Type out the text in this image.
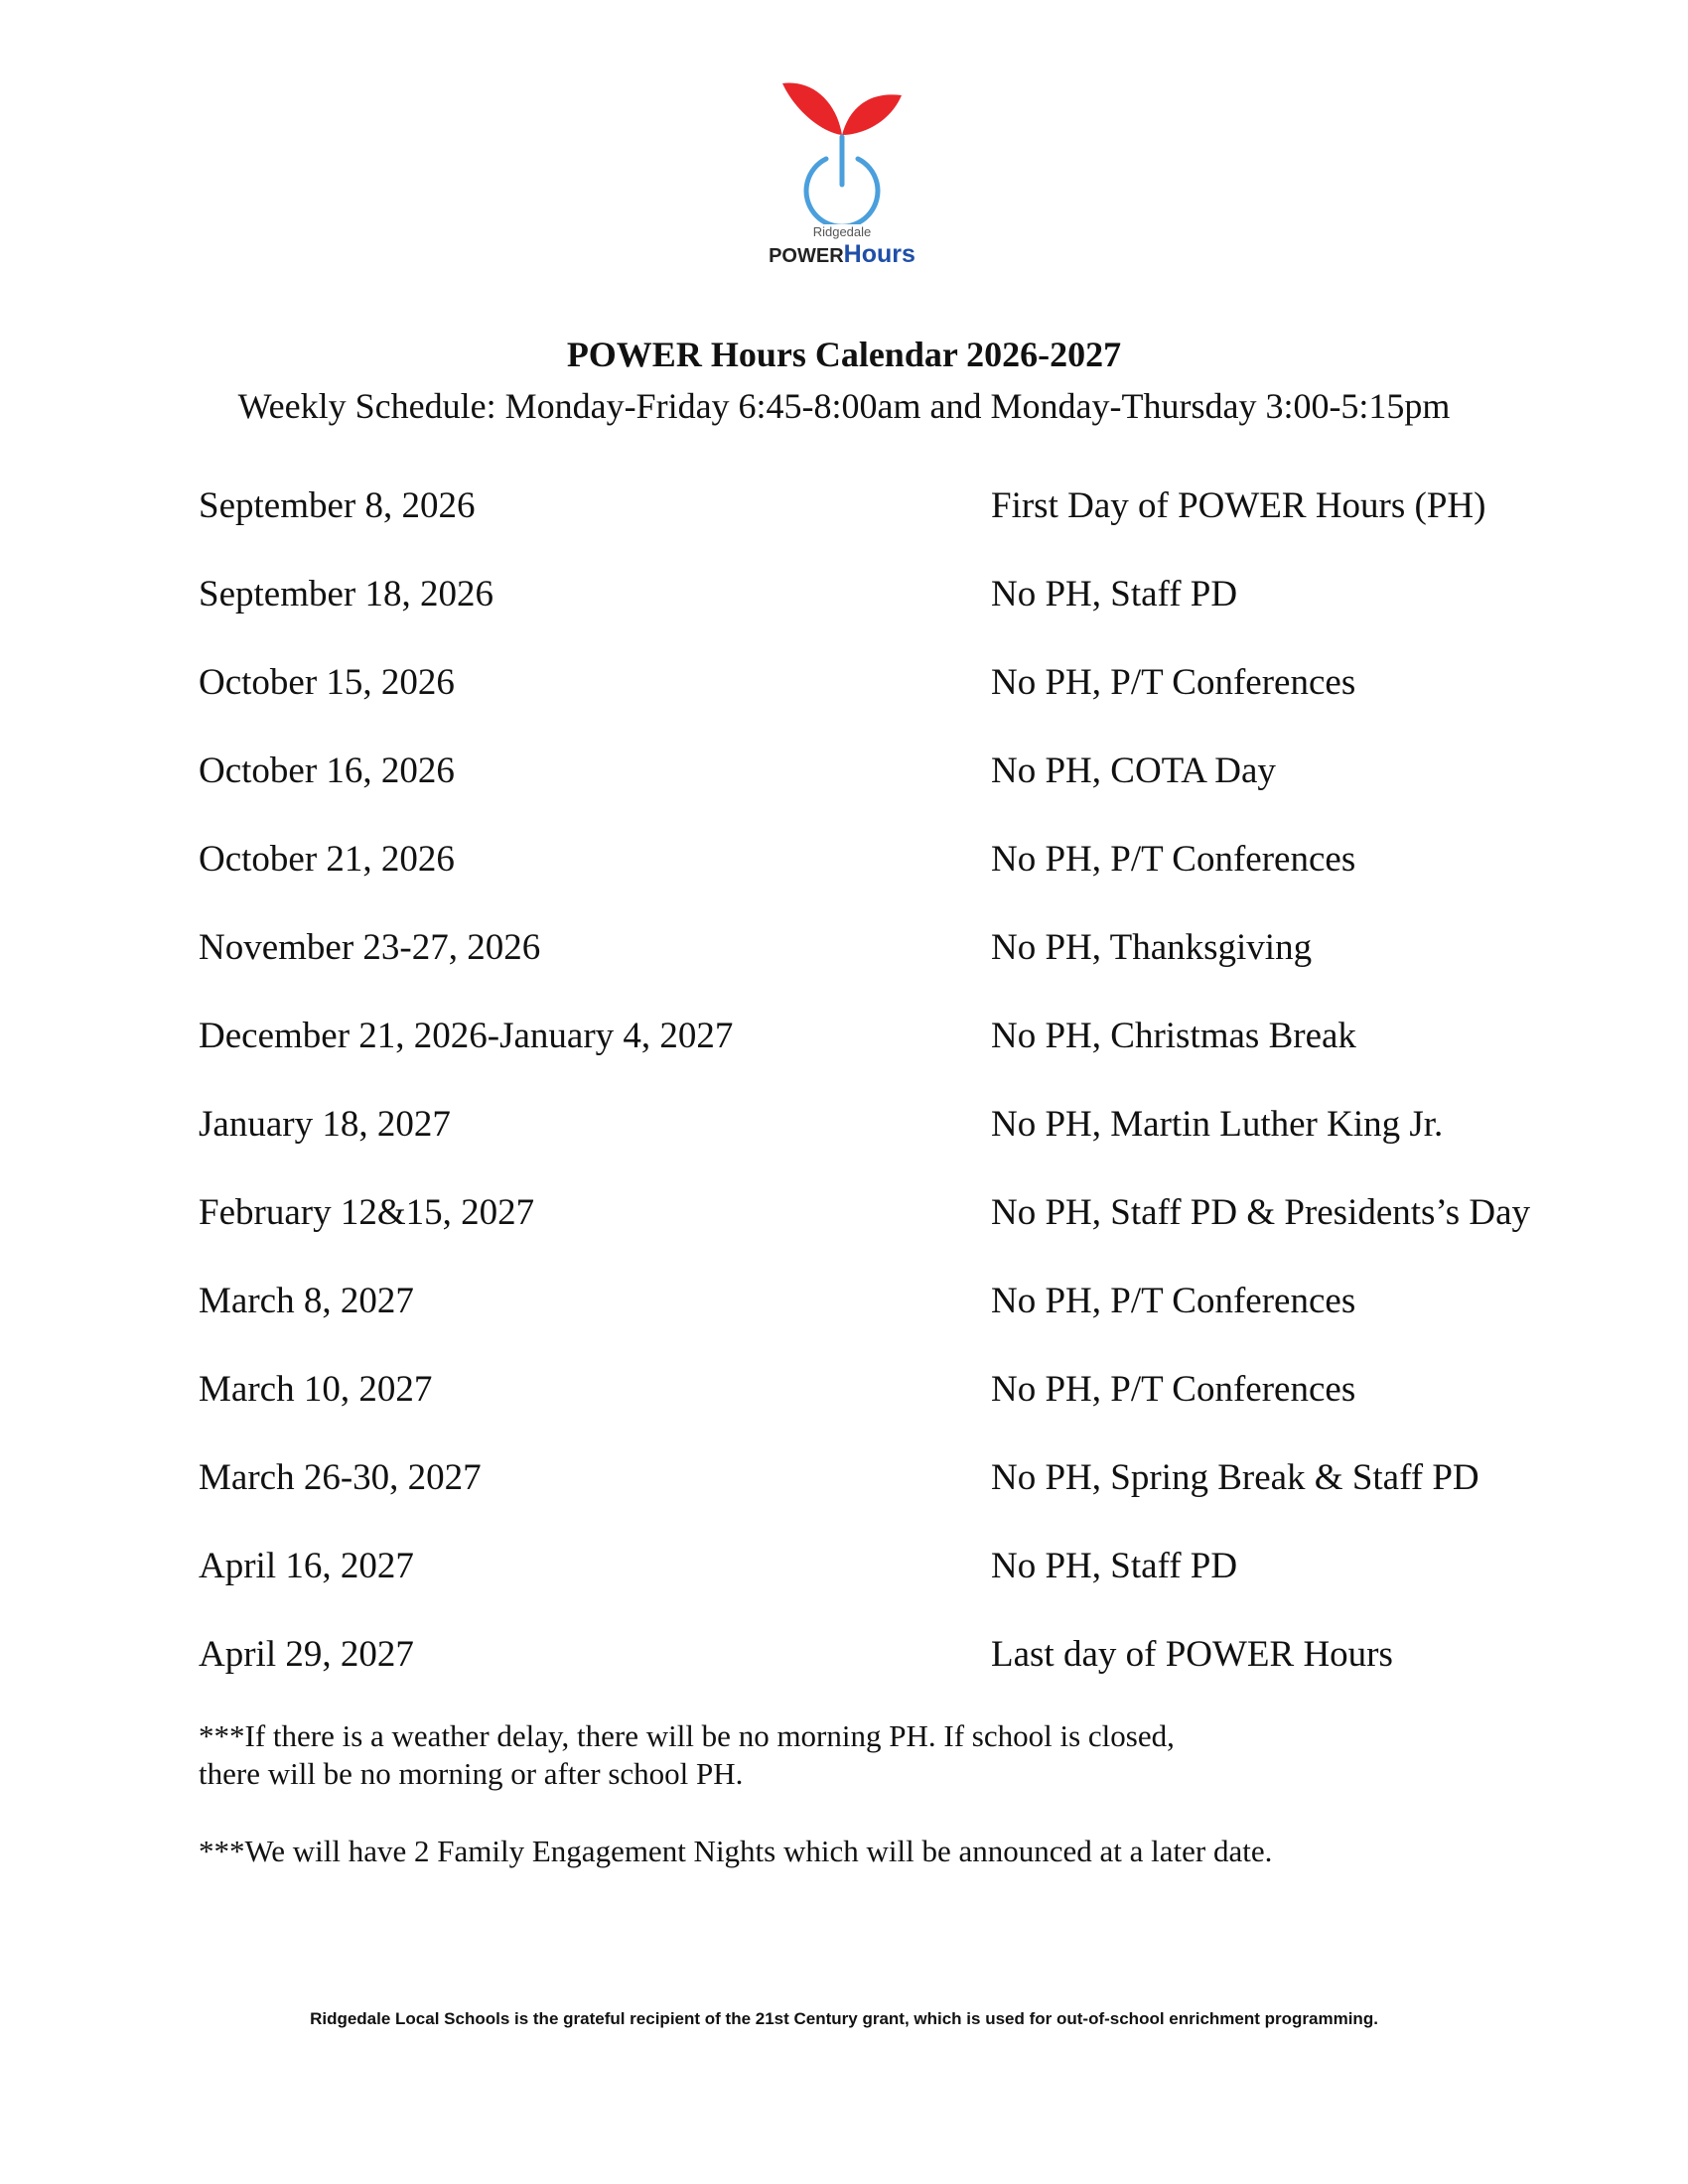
Ridgedale
POWERHours
POWER Hours Calendar 2026-2027

Weekly Schedule: Monday-Friday 6:45-8:00am and Monday-Thursday 3:00-5:15pm

September 8, 2026	First Day of POWER Hours (PH)
September 18, 2026	No PH, Staff PD
October 15, 2026	No PH, P/T Conferences
October 16, 2026	No PH, COTA Day
October 21, 2026	No PH, P/T Conferences
November 23-27, 2026	No PH, Thanksgiving
December 21, 2026-January 4, 2027	No PH, Christmas Break
January 18, 2027	No PH, Martin Luther King Jr.
February 12&15, 2027	No PH, Staff PD & Presidents’s Day
March 8, 2027	No PH, P/T Conferences
March 10, 2027	No PH, P/T Conferences
March 26-30, 2027	No PH, Spring Break & Staff PD
April 16, 2027	No PH, Staff PD
April 29, 2027	Last day of POWER Hours

***If there is a weather delay, there will be no morning PH. If school is closed,
there will be no morning or after school PH.

***We will have 2 Family Engagement Nights which will be announced at a later date.

Ridgedale Local Schools is the grateful recipient of the 21st Century grant, which is used for out-of-school enrichment programming.
